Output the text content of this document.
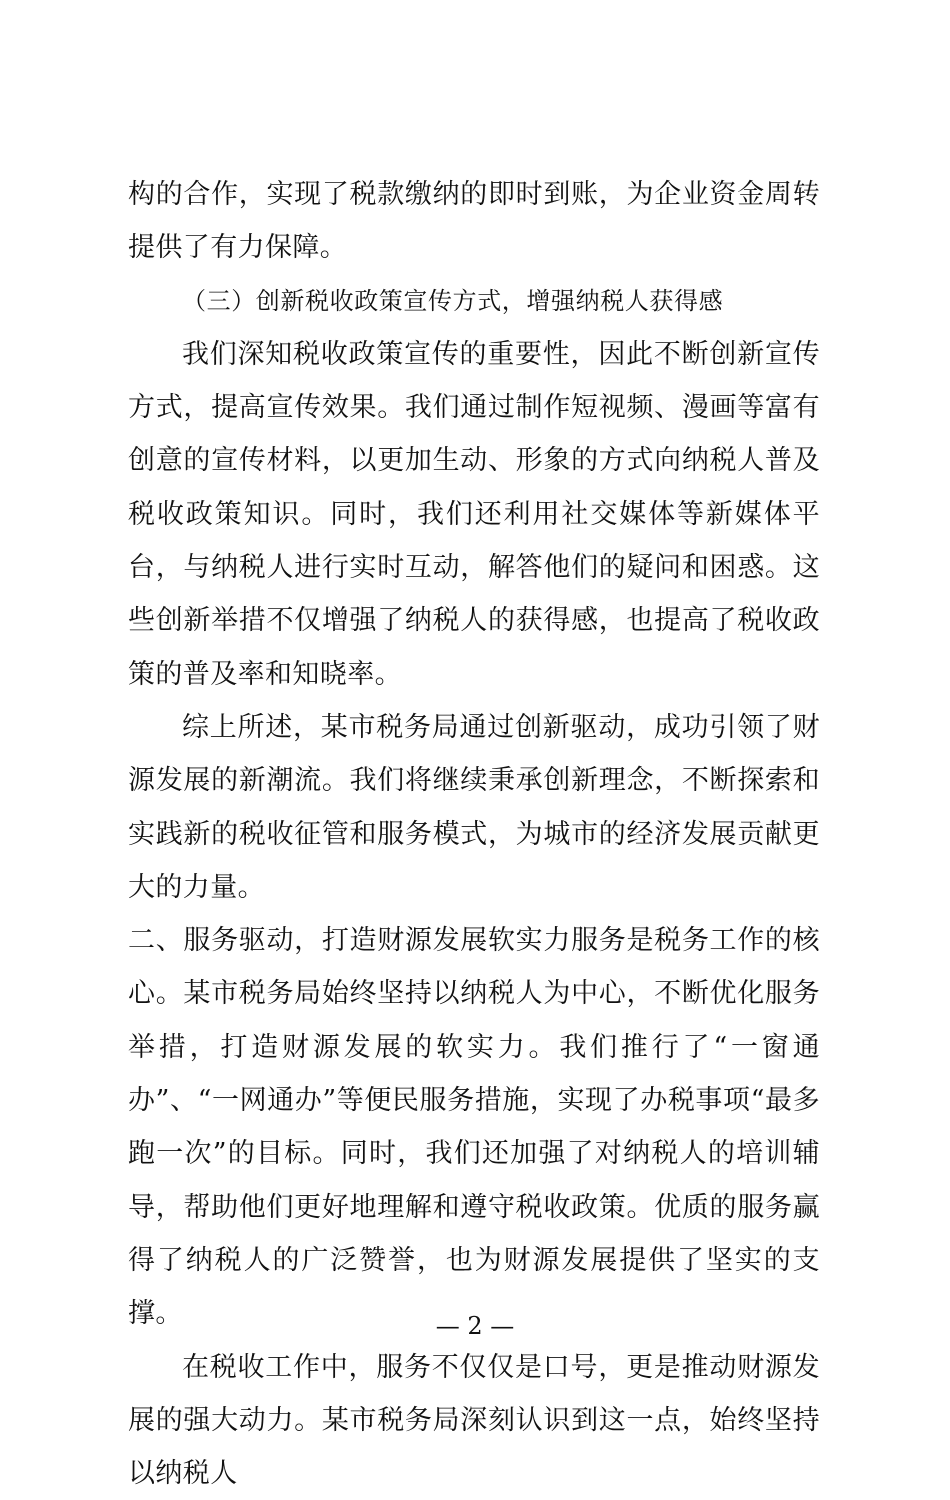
构的合作，实现了税款缴纳的即时到账，为企业资金周转提供了有力保障。

（三）创新税收政策宣传方式，增强纳税人获得感

我们深知税收政策宣传的重要性，因此不断创新宣传方式，提高宣传效果。我们通过制作短视频、漫画等富有创意的宣传材料，以更加生动、形象的方式向纳税人普及税收政策知识。同时，我们还利用社交媒体等新媒体平台，与纳税人进行实时互动，解答他们的疑问和困惑。这些创新举措不仅增强了纳税人的获得感，也提高了税收政策的普及率和知晓率。

综上所述，某市税务局通过创新驱动，成功引领了财源发展的新潮流。我们将继续秉承创新理念，不断探索和实践新的税收征管和服务模式，为城市的经济发展贡献更大的力量。

二、服务驱动，打造财源发展软实力服务是税务工作的核心。某市税务局始终坚持以纳税人为中心，不断优化服务举措，打造财源发展的软实力。我们推行了“一窗通办”、“一网通办”等便民服务措施，实现了办税事项“最多跑一次”的目标。同时，我们还加强了对纳税人的培训辅导，帮助他们更好地理解和遵守税收政策。优质的服务赢得了纳税人的广泛赞誉，也为财源发展提供了坚实的支撑。

在税收工作中，服务不仅仅是口号，更是推动财源发展的强大动力。某市税务局深刻认识到这一点，始终坚持以纳税人

— 2 —
